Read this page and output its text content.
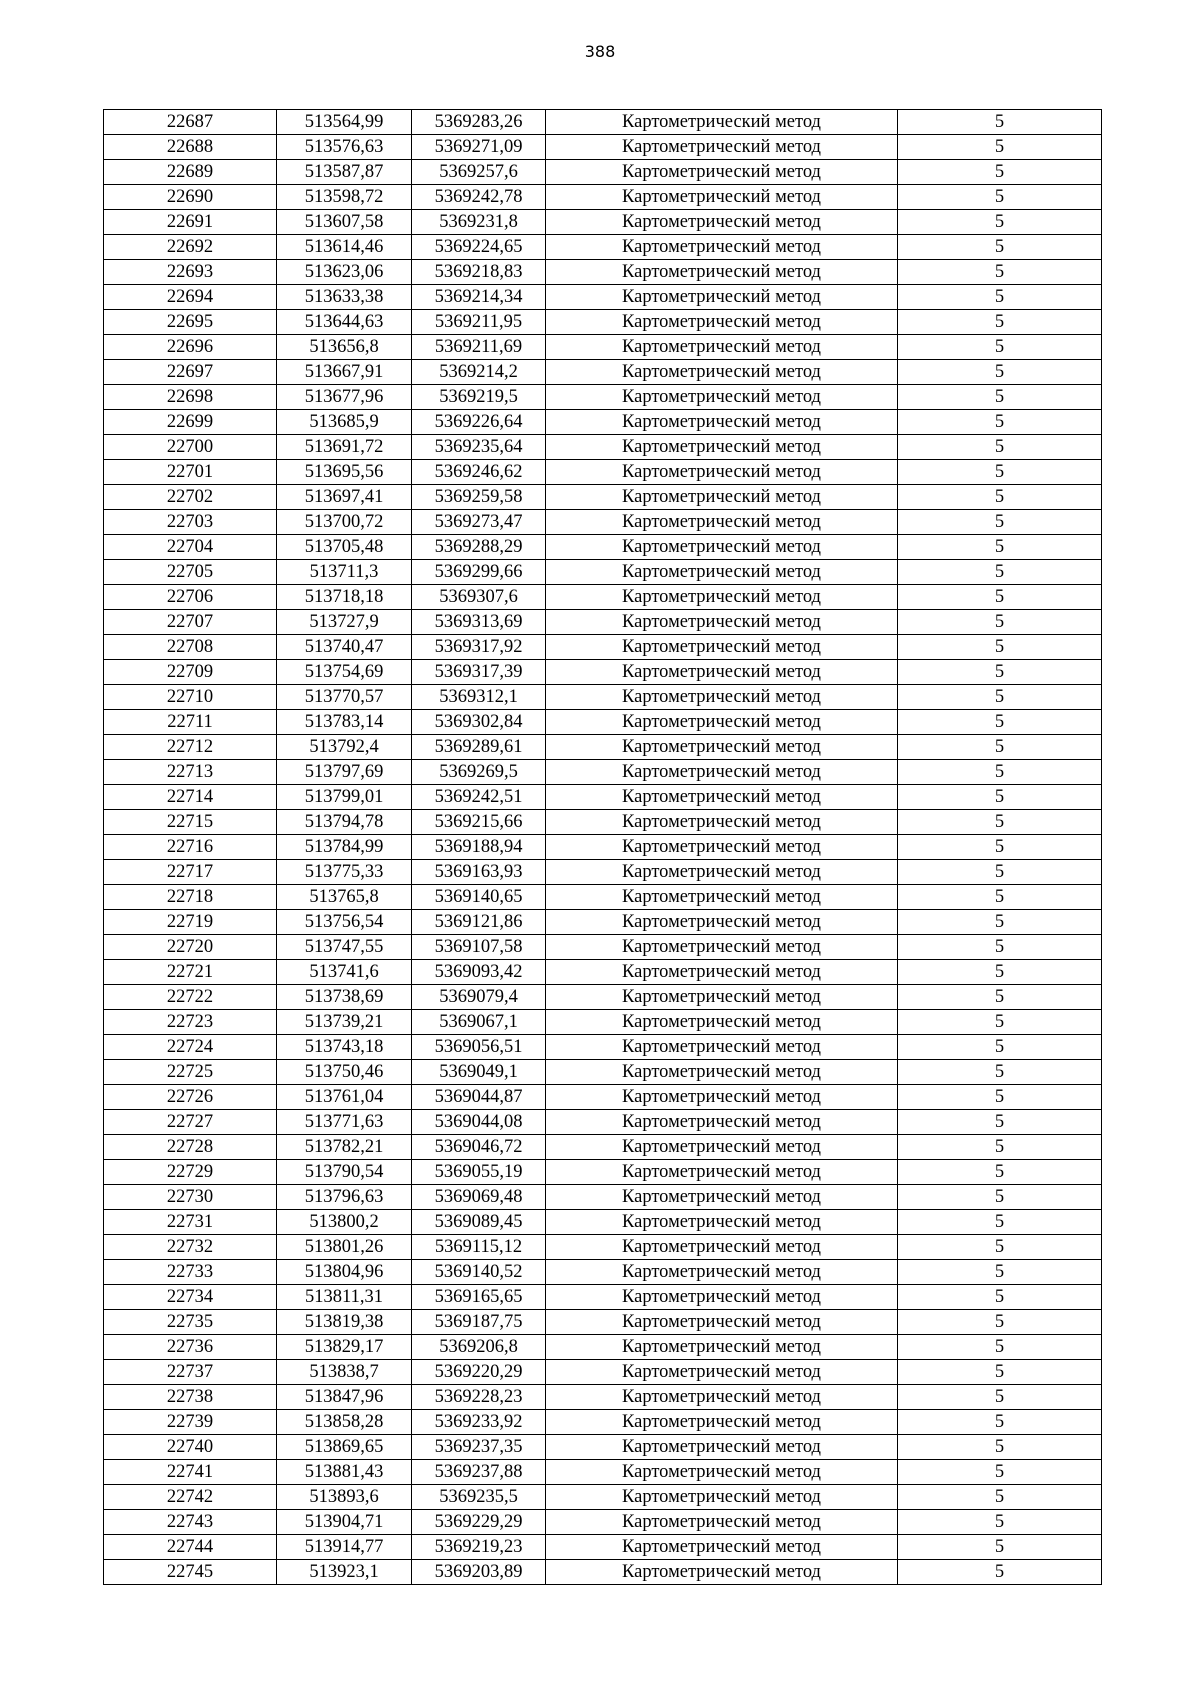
388
22687	513564,99	5369283,26	Картометрический метод	5
22688	513576,63	5369271,09	Картометрический метод	5
22689	513587,87	5369257,6	Картометрический метод	5
22690	513598,72	5369242,78	Картометрический метод	5
22691	513607,58	5369231,8	Картометрический метод	5
22692	513614,46	5369224,65	Картометрический метод	5
22693	513623,06	5369218,83	Картометрический метод	5
22694	513633,38	5369214,34	Картометрический метод	5
22695	513644,63	5369211,95	Картометрический метод	5
22696	513656,8	5369211,69	Картометрический метод	5
22697	513667,91	5369214,2	Картометрический метод	5
22698	513677,96	5369219,5	Картометрический метод	5
22699	513685,9	5369226,64	Картометрический метод	5
22700	513691,72	5369235,64	Картометрический метод	5
22701	513695,56	5369246,62	Картометрический метод	5
22702	513697,41	5369259,58	Картометрический метод	5
22703	513700,72	5369273,47	Картометрический метод	5
22704	513705,48	5369288,29	Картометрический метод	5
22705	513711,3	5369299,66	Картометрический метод	5
22706	513718,18	5369307,6	Картометрический метод	5
22707	513727,9	5369313,69	Картометрический метод	5
22708	513740,47	5369317,92	Картометрический метод	5
22709	513754,69	5369317,39	Картометрический метод	5
22710	513770,57	5369312,1	Картометрический метод	5
22711	513783,14	5369302,84	Картометрический метод	5
22712	513792,4	5369289,61	Картометрический метод	5
22713	513797,69	5369269,5	Картометрический метод	5
22714	513799,01	5369242,51	Картометрический метод	5
22715	513794,78	5369215,66	Картометрический метод	5
22716	513784,99	5369188,94	Картометрический метод	5
22717	513775,33	5369163,93	Картометрический метод	5
22718	513765,8	5369140,65	Картометрический метод	5
22719	513756,54	5369121,86	Картометрический метод	5
22720	513747,55	5369107,58	Картометрический метод	5
22721	513741,6	5369093,42	Картометрический метод	5
22722	513738,69	5369079,4	Картометрический метод	5
22723	513739,21	5369067,1	Картометрический метод	5
22724	513743,18	5369056,51	Картометрический метод	5
22725	513750,46	5369049,1	Картометрический метод	5
22726	513761,04	5369044,87	Картометрический метод	5
22727	513771,63	5369044,08	Картометрический метод	5
22728	513782,21	5369046,72	Картометрический метод	5
22729	513790,54	5369055,19	Картометрический метод	5
22730	513796,63	5369069,48	Картометрический метод	5
22731	513800,2	5369089,45	Картометрический метод	5
22732	513801,26	5369115,12	Картометрический метод	5
22733	513804,96	5369140,52	Картометрический метод	5
22734	513811,31	5369165,65	Картометрический метод	5
22735	513819,38	5369187,75	Картометрический метод	5
22736	513829,17	5369206,8	Картометрический метод	5
22737	513838,7	5369220,29	Картометрический метод	5
22738	513847,96	5369228,23	Картометрический метод	5
22739	513858,28	5369233,92	Картометрический метод	5
22740	513869,65	5369237,35	Картометрический метод	5
22741	513881,43	5369237,88	Картометрический метод	5
22742	513893,6	5369235,5	Картометрический метод	5
22743	513904,71	5369229,29	Картометрический метод	5
22744	513914,77	5369219,23	Картометрический метод	5
22745	513923,1	5369203,89	Картометрический метод	5
